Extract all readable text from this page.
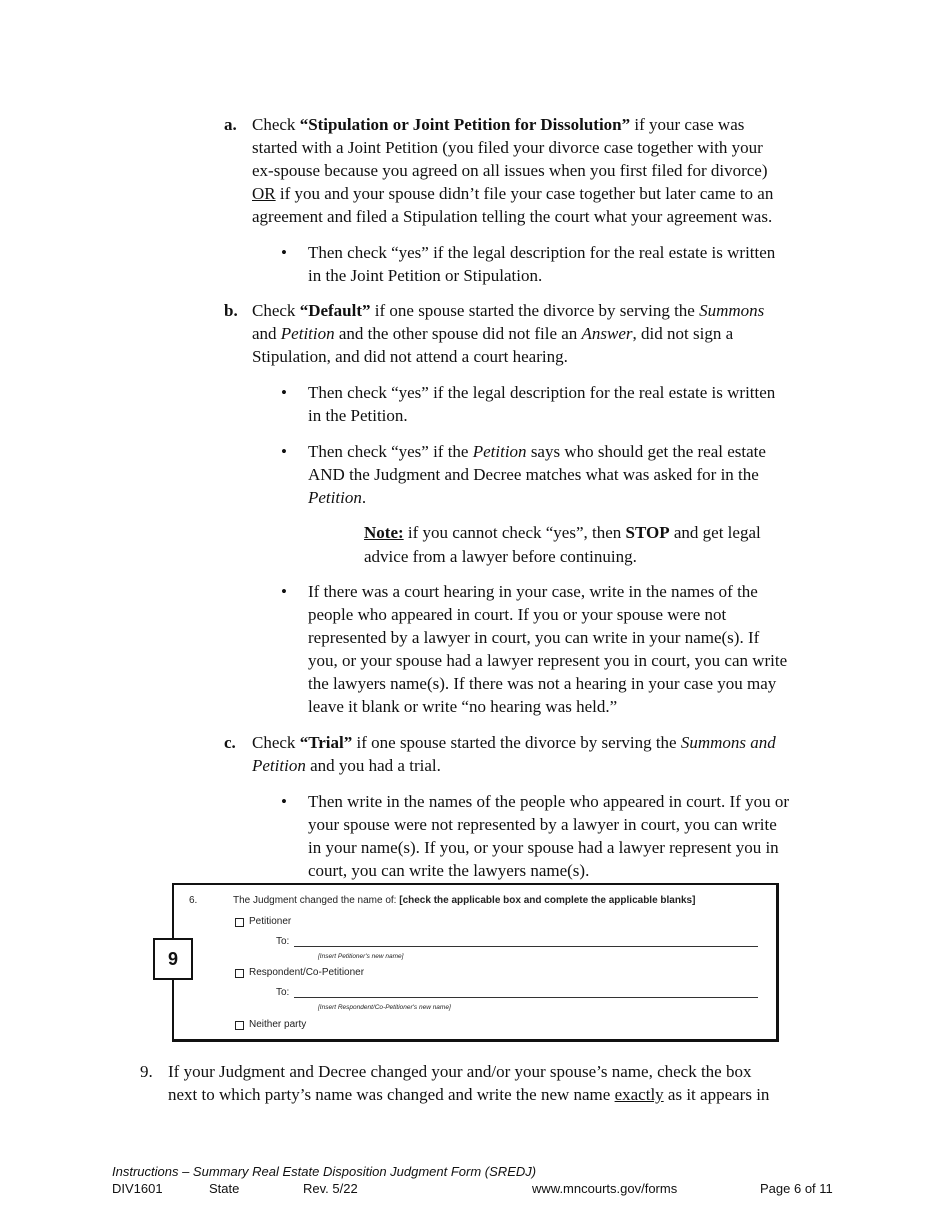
a. Check “Stipulation or Joint Petition for Dissolution” if your case was
started with a Joint Petition (you filed your divorce case together with your
ex-spouse because you agreed on all issues when you first filed for divorce)
OR if you and your spouse didn’t file your case together but later came to an
agreement and filed a Stipulation telling the court what your agreement was.
• Then check “yes” if the legal description for the real estate is written
in the Joint Petition or Stipulation.
b. Check “Default” if one spouse started the divorce by serving the Summons
and Petition and the other spouse did not file an Answer, did not sign a
Stipulation, and did not attend a court hearing.
• Then check “yes” if the legal description for the real estate is written
in the Petition.
• Then check “yes” if the Petition says who should get the real estate
AND the Judgment and Decree matches what was asked for in the
Petition.
Note: if you cannot check “yes”, then STOP and get legal
advice from a lawyer before continuing.
• If there was a court hearing in your case, write in the names of the
people who appeared in court. If you or your spouse were not
represented by a lawyer in court, you can write in your name(s). If
you, or your spouse had a lawyer represent you in court, you can write
the lawyers name(s). If there was not a hearing in your case you may
leave it blank or write “no hearing was held.”
c. Check “Trial” if one spouse started the divorce by serving the Summons and
Petition and you had a trial.
• Then write in the names of the people who appeared in court. If you or
your spouse were not represented by a lawyer in court, you can write
in your name(s). If you, or your spouse had a lawyer represent you in
court, you can write the lawyers name(s).
6.	The Judgment changed the name of: [check the applicable box and complete the applicable blanks]
Petitioner
To:
[Insert Petitioner's new name]
Respondent/Co-Petitioner
To:
[Insert Respondent/Co-Petitioner's new name]
Neither party
9
9. If your Judgment and Decree changed your and/or your spouse’s name, check the box
next to which party’s name was changed and write the new name exactly as it appears in
Instructions – Summary Real Estate Disposition Judgment Form (SREDJ)
DIV1601	State	Rev. 5/22	www.mncourts.gov/forms	Page 6 of 11
